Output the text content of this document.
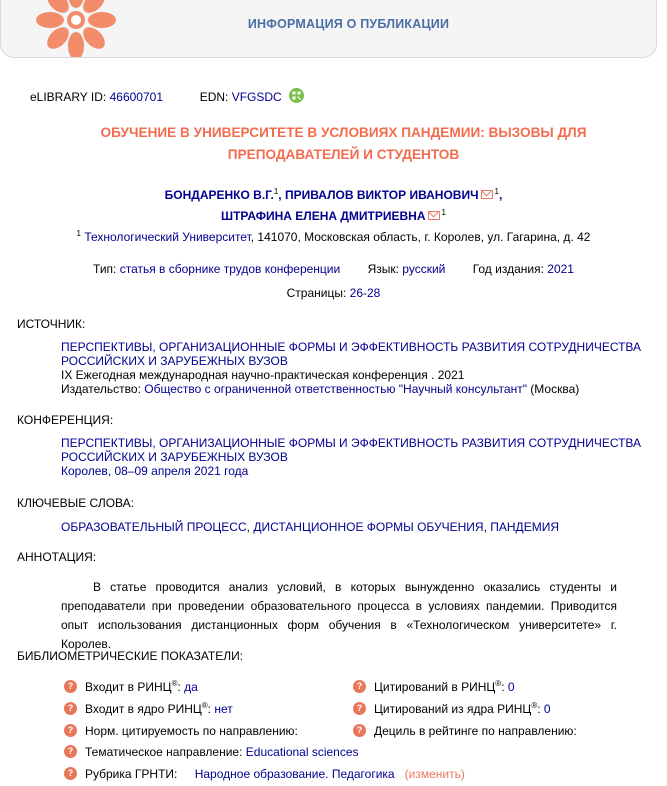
ИНФОРМАЦИЯ О ПУБЛИКАЦИИ
eLIBRARY ID: 46600701	EDN: VFGSDC
ОБУЧЕНИЕ В УНИВЕРСИТЕТЕ В УСЛОВИЯХ ПАНДЕМИИ: ВЫЗОВЫ ДЛЯ
ПРЕПОДАВАТЕЛЕЙ И СТУДЕНТОВ
БОНДАРЕНКО В.Г.$^1$, ПРИВАЛОВ ВИКТОР ИВАНОВИЧ $^1$,
ШТРАФИНА ЕЛЕНА ДМИТРИЕВНА $^1$
$^1$ Технологический Университет, 141070, Московская область, г. Королев, ул. Гагарина, д. 42
Тип: статья в сборнике трудов конференции Язык: русский Год издания: 2021
Страницы: 26-28
ИСТОЧНИК:
ПЕРСПЕКТИВЫ, ОРГАНИЗАЦИОННЫЕ ФОРМЫ И ЭФФЕКТИВНОСТЬ РАЗВИТИЯ СОТРУДНИЧЕСТВА
РОССИЙСКИХ И ЗАРУБЕЖНЫХ ВУЗОВ
IX Ежегодная международная научно-практическая конференция . 2021
Издательство: Общество с ограниченной ответственностью "Научный консультант" (Москва)
КОНФЕРЕНЦИЯ:
ПЕРСПЕКТИВЫ, ОРГАНИЗАЦИОННЫЕ ФОРМЫ И ЭФФЕКТИВНОСТЬ РАЗВИТИЯ СОТРУДНИЧЕСТВА
РОССИЙСКИХ И ЗАРУБЕЖНЫХ ВУЗОВ
Королев, 08–09 апреля 2021 года
КЛЮЧЕВЫЕ СЛОВА:
ОБРАЗОВАТЕЛЬНЫЙ ПРОЦЕСС, ДИСТАНЦИОННОЕ ФОРМЫ ОБУЧЕНИЯ, ПАНДЕМИЯ
АННОТАЦИЯ:
В статье проводится анализ условий, в которых вынужденно оказались студенты и преподаватели при проведении образовательного процесса в условиях пандемии. Приводится опыт использования дистанционных форм обучения в «Технологическом университете» г. Королев.
БИБЛИОМЕТРИЧЕСКИЕ ПОКАЗАТЕЛИ:
? Входит в РИНЦ®: да	? Цитирований в РИНЦ®: 0
? Входит в ядро РИНЦ®: нет	? Цитирований из ядра РИНЦ®: 0
? Норм. цитируемость по направлению:	? Дециль в рейтинге по направлению:
? Тематическое направление: Educational sciences
? Рубрика ГРНТИ: Народное образование. Педагогика   (изменить)
